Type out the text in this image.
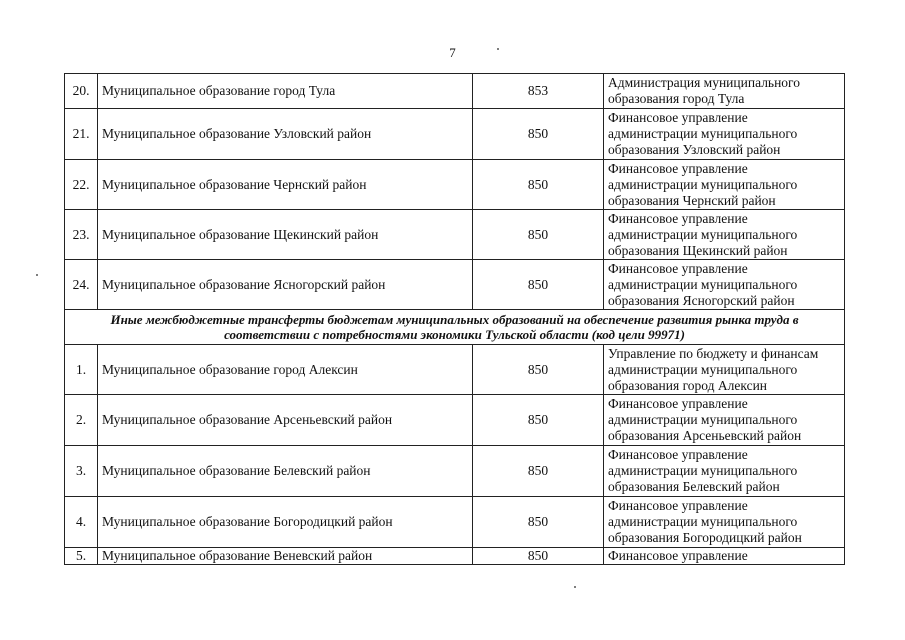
7
20.	Муниципальное образование город Тула	853	Администрация муниципального
образования город Тула

21.	Муниципальное образование Узловский район	850	Финансовое управление
администрации муниципального
образования Узловский район

22.	Муниципальное образование Чернский район	850	Финансовое управление
администрации муниципального
образования Чернский район

23.	Муниципальное образование Щекинский район	850	Финансовое управление
администрации муниципального
образования Щекинский район

24.	Муниципальное образование Ясногорский район	850	Финансовое управление
администрации муниципального
образования Ясногорский район

Иные межбюджетные трансферты бюджетам муниципальных образований на обеспечение развития рынка труда в
соответствии с потребностями экономики Тульской области (код цели 99971)			

1.	Муниципальное образование город Алексин	850	Управление по бюджету и финансам
администрации муниципального
образования город Алексин

2.	Муниципальное образование Арсеньевский район	850	Финансовое управление
администрации муниципального
образования Арсеньевский район

3.	Муниципальное образование Белевский район	850	Финансовое управление
администрации муниципального
образования Белевский район

4.	Муниципальное образование Богородицкий район	850	Финансовое управление
администрации муниципального
образования Богородицкий район

5.	Муниципальное образование Веневский район	850	Финансовое управление
